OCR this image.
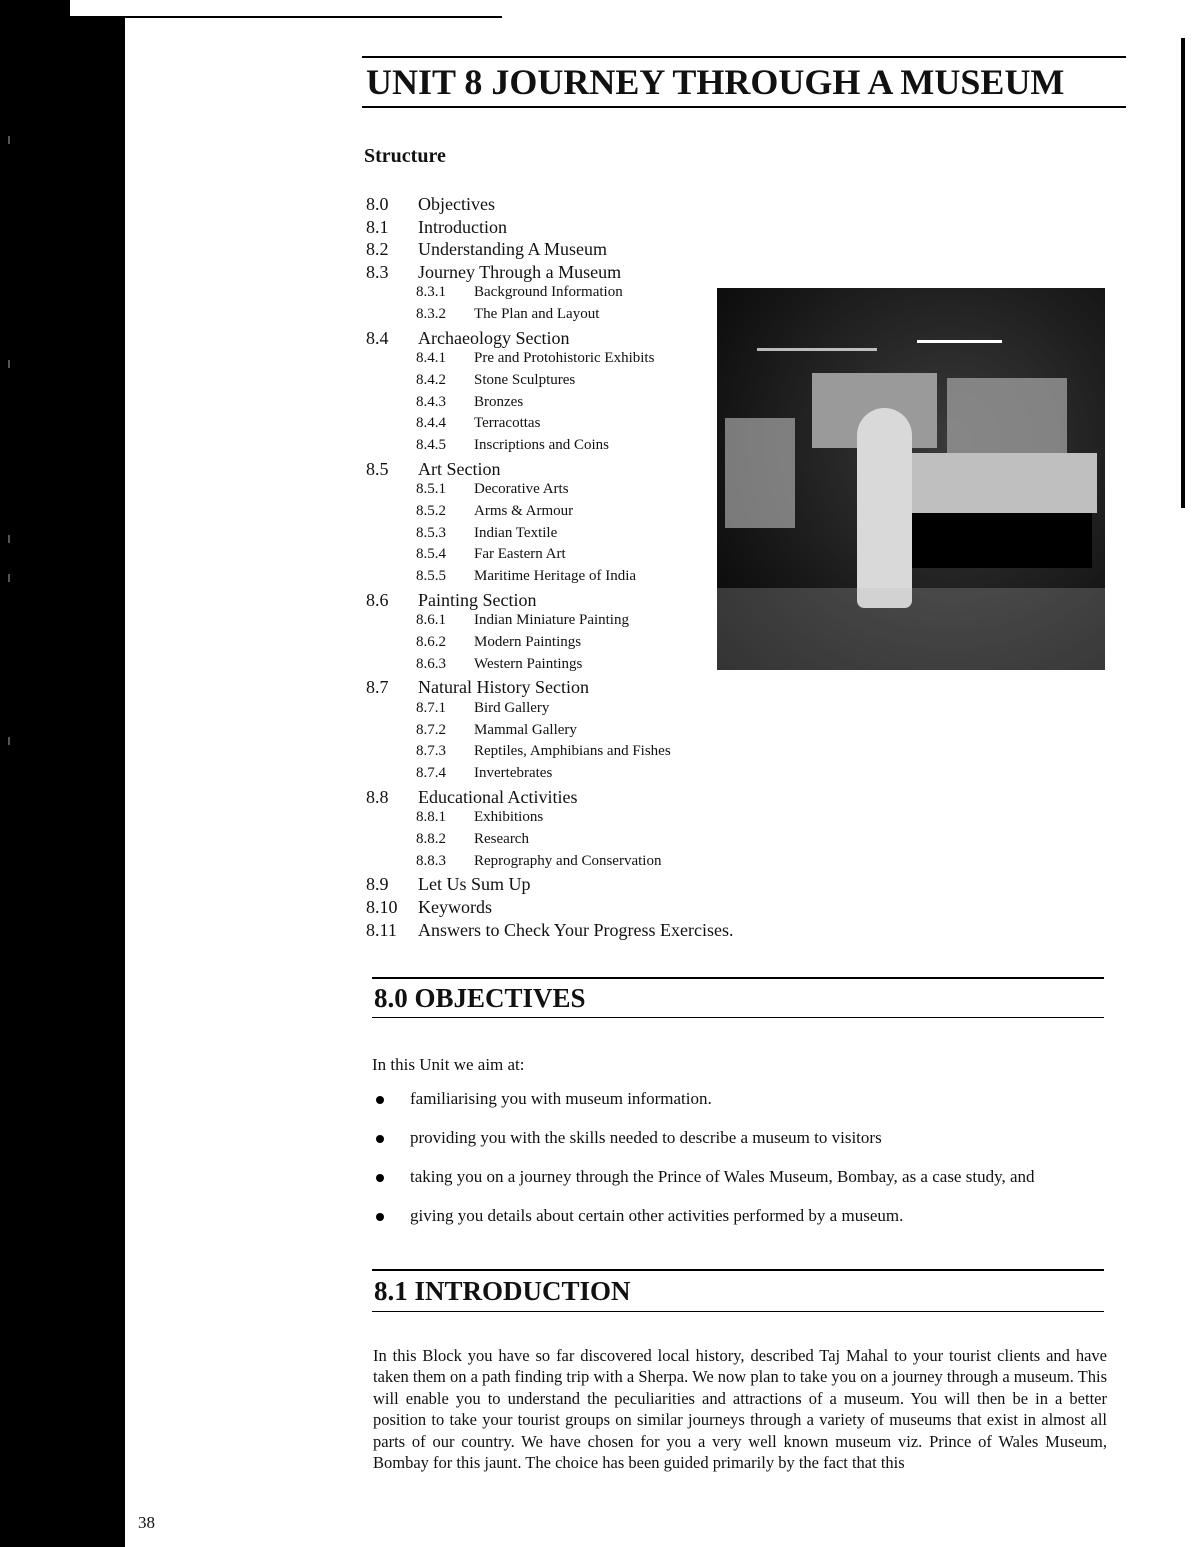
UNIT 8 JOURNEY THROUGH A MUSEUM
Structure
8.0	Objectives
8.1	Introduction
8.2	Understanding A Museum
8.3	Journey Through a Museum
8.3.1	Background Information
8.3.2	The Plan and Layout
8.4	Archaeology Section
8.4.1	Pre and Protohistoric Exhibits
8.4.2	Stone Sculptures
8.4.3	Bronzes
8.4.4	Terracottas
8.4.5	Inscriptions and Coins
8.5	Art Section
8.5.1	Decorative Arts
8.5.2	Arms & Armour
8.5.3	Indian Textile
8.5.4	Far Eastern Art
8.5.5	Maritime Heritage of India
8.6	Painting Section
8.6.1	Indian Miniature Painting
8.6.2	Modern Paintings
8.6.3	Western Paintings
8.7	Natural History Section
8.7.1	Bird Gallery
8.7.2	Mammal Gallery
8.7.3	Reptiles, Amphibians and Fishes
8.7.4	Invertebrates
8.8	Educational Activities
8.8.1	Exhibitions
8.8.2	Research
8.8.3	Reprography and Conservation
8.9	Let Us Sum Up
8.10	Keywords
8.11	Answers to Check Your Progress Exercises.
8.0 OBJECTIVES
In this Unit we aim at:
familiarising you with museum information.
providing you with the skills needed to describe a museum to visitors
taking you on a journey through the Prince of Wales Museum, Bombay, as a case study, and
giving you details about certain other activities performed by a museum.
8.1 INTRODUCTION
In this Block you have so far discovered local history, described Taj Mahal to your tourist clients and have taken them on a path finding trip with a Sherpa. We now plan to take you on a journey through a museum. This will enable you to understand the peculiarities and attractions of a museum. You will then be in a better position to take your tourist groups on similar journeys through a variety of museums that exist in almost all parts of our country. We have chosen for you a very well known museum viz. Prince of Wales Museum, Bombay for this jaunt. The choice has been guided primarily by the fact that this
38
